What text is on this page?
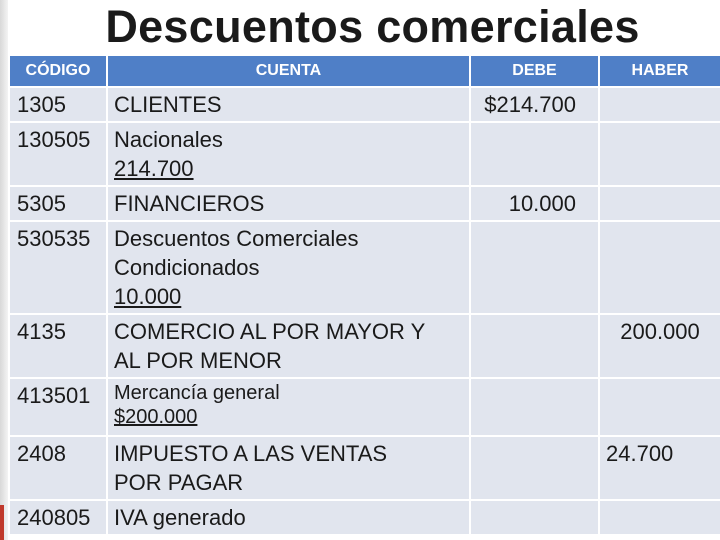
Descuentos comerciales
CÓDIGO	CUENTA	DEBE	HABER
1305	CLIENTES	$214.700	
130505	Nacionales
214.700		

5305	FINANCIEROS	10.000	
530535	Descuentos Comerciales
Condicionados
10.000		

4135	COMERCIO AL POR MAYOR Y
AL POR MENOR		200.000
413501	Mercancía general
$200.000		

2408	IMPUESTO A LAS VENTAS
POR PAGAR		24.700
240805	IVA generado		
